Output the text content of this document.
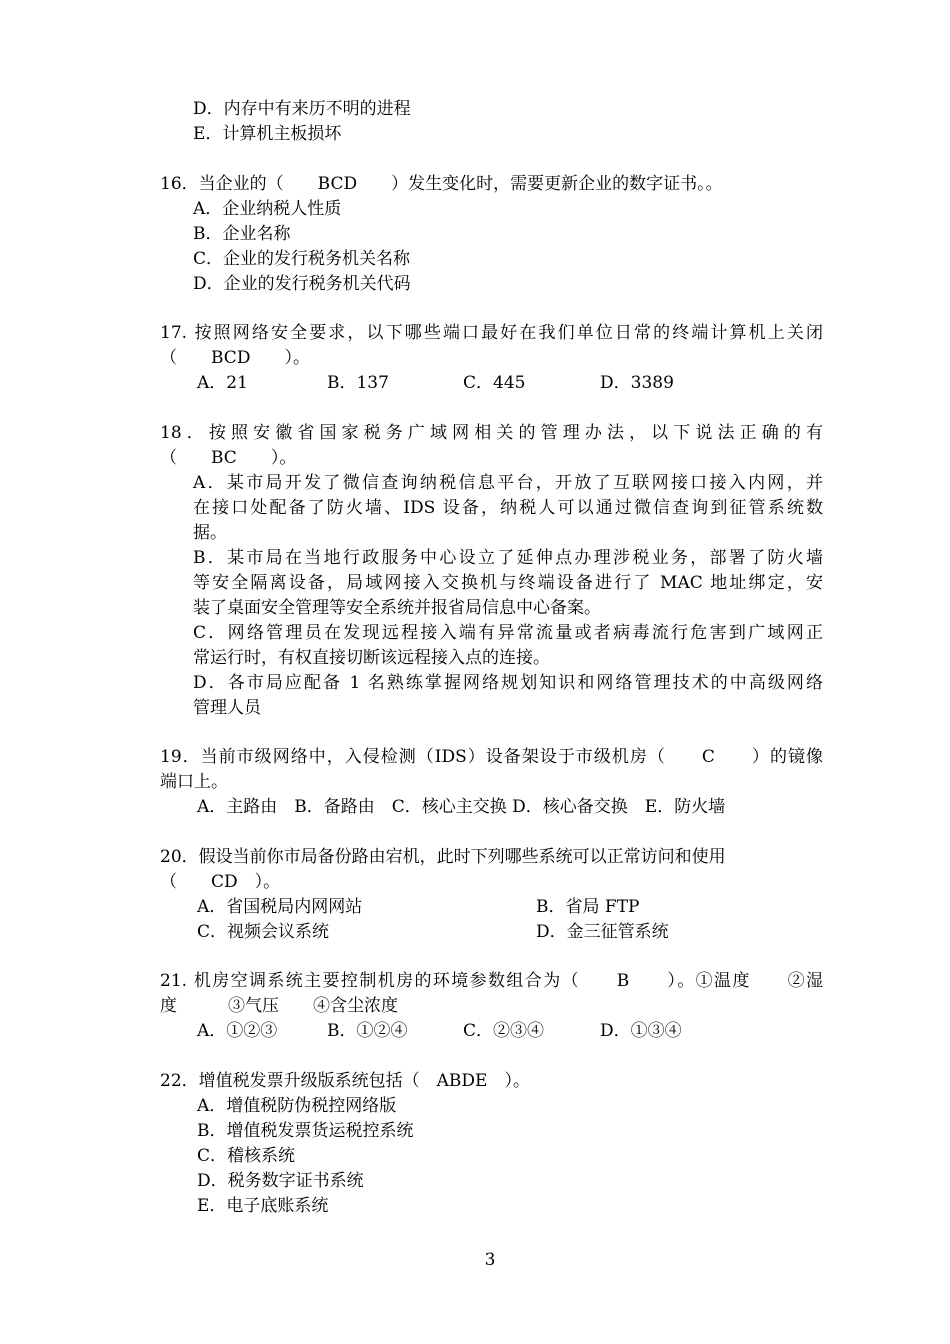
D．内存中有来历不明的进程
E．计算机主板损坏
16．当企业的（　　BCD　　）发生变化时，需要更新企业的数字证书。。
A．企业纳税人性质
B．企业名称
C．企业的发行税务机关名称
D．企业的发行税务机关代码
17. 按照网络安全要求，以下哪些端口最好在我们单位日常的终端计算机上关闭
（　　BCD　　）。
A．21	B．137	C．445	D．3389
18．按照安徽省国家税务广域网相关的管理办法，以下说法正确的有
（　　BC　　）。
A．某市局开发了微信查询纳税信息平台，开放了互联网接口接入内网，并
在接口处配备了防火墙、IDS 设备，纳税人可以通过微信查询到征管系统数
据。
B．某市局在当地行政服务中心设立了延伸点办理涉税业务，部署了防火墙
等安全隔离设备，局域网接入交换机与终端设备进行了 MAC 地址绑定，安
装了桌面安全管理等安全系统并报省局信息中心备案。
C．网络管理员在发现远程接入端有异常流量或者病毒流行危害到广域网正
常运行时，有权直接切断该远程接入点的连接。
D．各市局应配备 1 名熟练掌握网络规划知识和网络管理技术的中高级网络
管理人员
19．当前市级网络中，入侵检测（IDS）设备架设于市级机房（　　C　　）的镜像
端口上。
A．主路由　B．备路由　C．核心主交换 D．核心备交换　E．防火墙
20．假设当前你市局备份路由宕机，此时下列哪些系统可以正常访问和使用
（　　CD　）。
A．省国税局内网网站	B．省局 FTP
C．视频会议系统	D．金三征管系统
21. 机房空调系统主要控制机房的环境参数组合为（　　B　　）。①温度　　②湿
度　　　③气压　　④含尘浓度
A．①②③	B．①②④	C．②③④	D．①③④
22．增值税发票升级版系统包括（　ABDE　）。
A．增值税防伪税控网络版
B．增值税发票货运税控系统
C．稽核系统
D．税务数字证书系统
E．电子底账系统
3
